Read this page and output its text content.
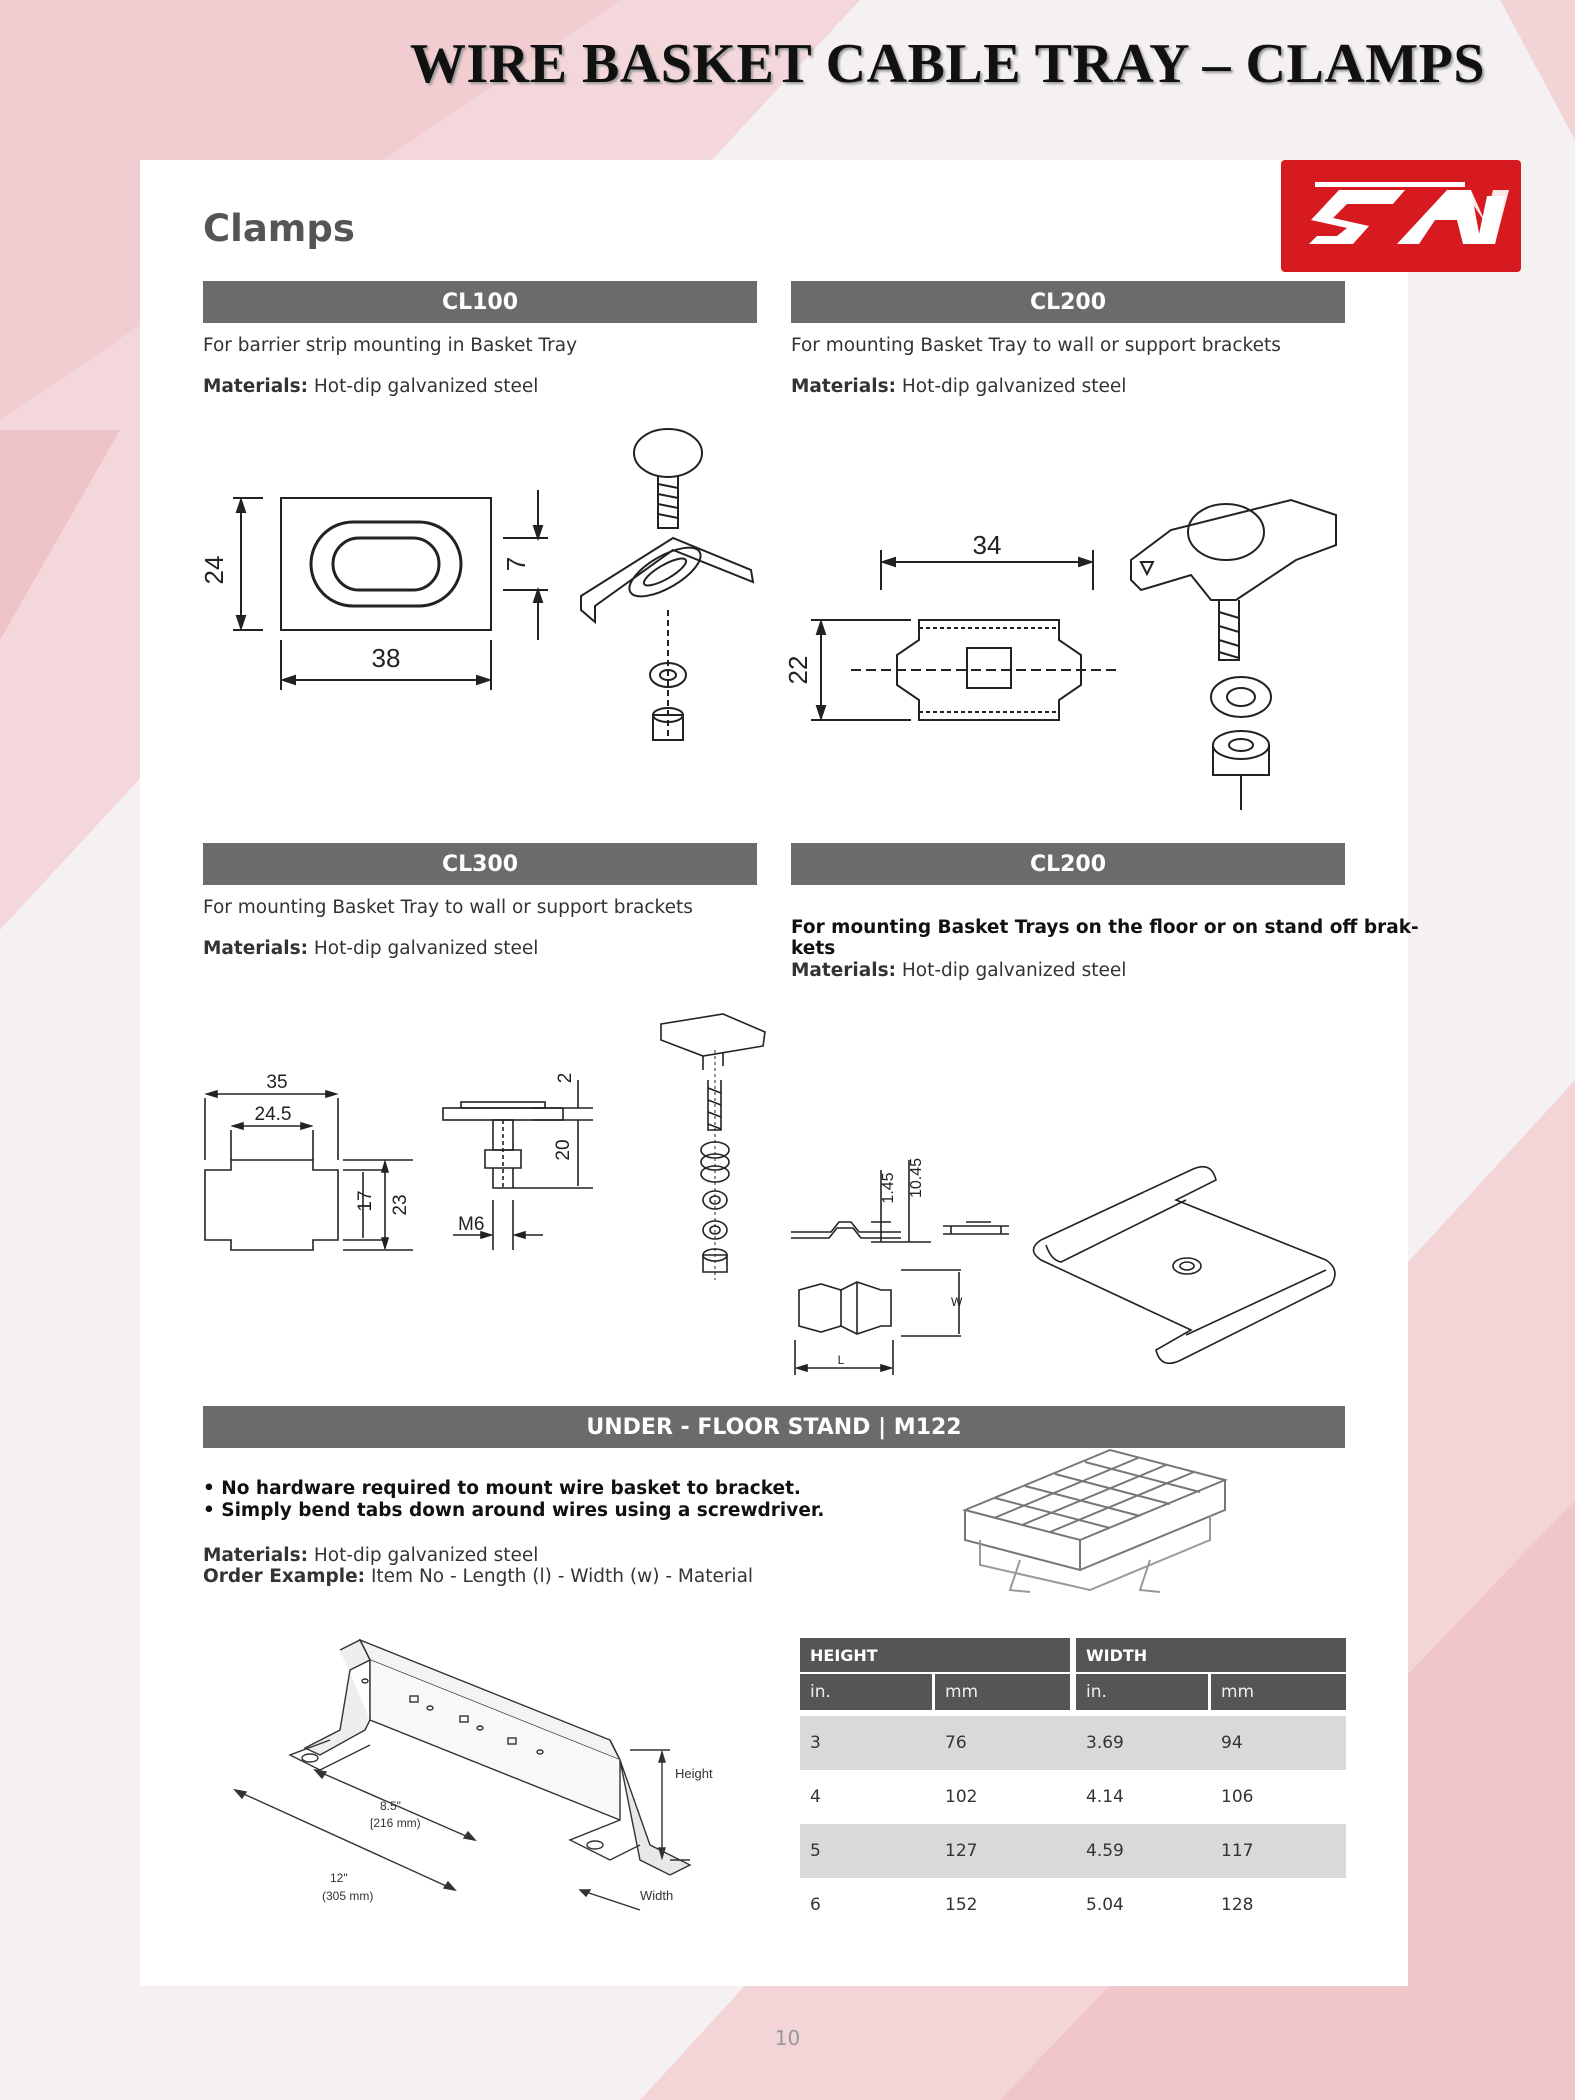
WIRE BASKET CABLE TRAY – CLAMPS
Clamps
CL100
For barrier strip mounting in Basket Tray
Materials: Hot-dip galvanized steel
24
38
7
CL200
For mounting Basket Tray to wall or support brackets
Materials: Hot-dip galvanized steel
34
22
CL300
For mounting Basket Tray to wall or support brackets
Materials: Hot-dip galvanized steel
35
24.5
23
17
2
20
M6
CL200
For mounting Basket Trays on the floor or on stand off brak-
kets
Materials: Hot-dip galvanized steel
1.45 10.45
W
L
UNDER - FLOOR STAND | M122
• No hardware required to mount wire basket to bracket.
• Simply bend tabs down around wires using a screwdriver.
Materials: Hot-dip galvanized steel
Order Example: Item No - Length (l) - Width (w) - Material
Height
Width
8.5"
[216 mm)
12"
(305 mm)
HEIGHT	WIDTH
in.	mm	in.	mm
3	76	3.69	94
4	102	4.14	106
5	127	4.59	117
6	152	5.04	128
10
